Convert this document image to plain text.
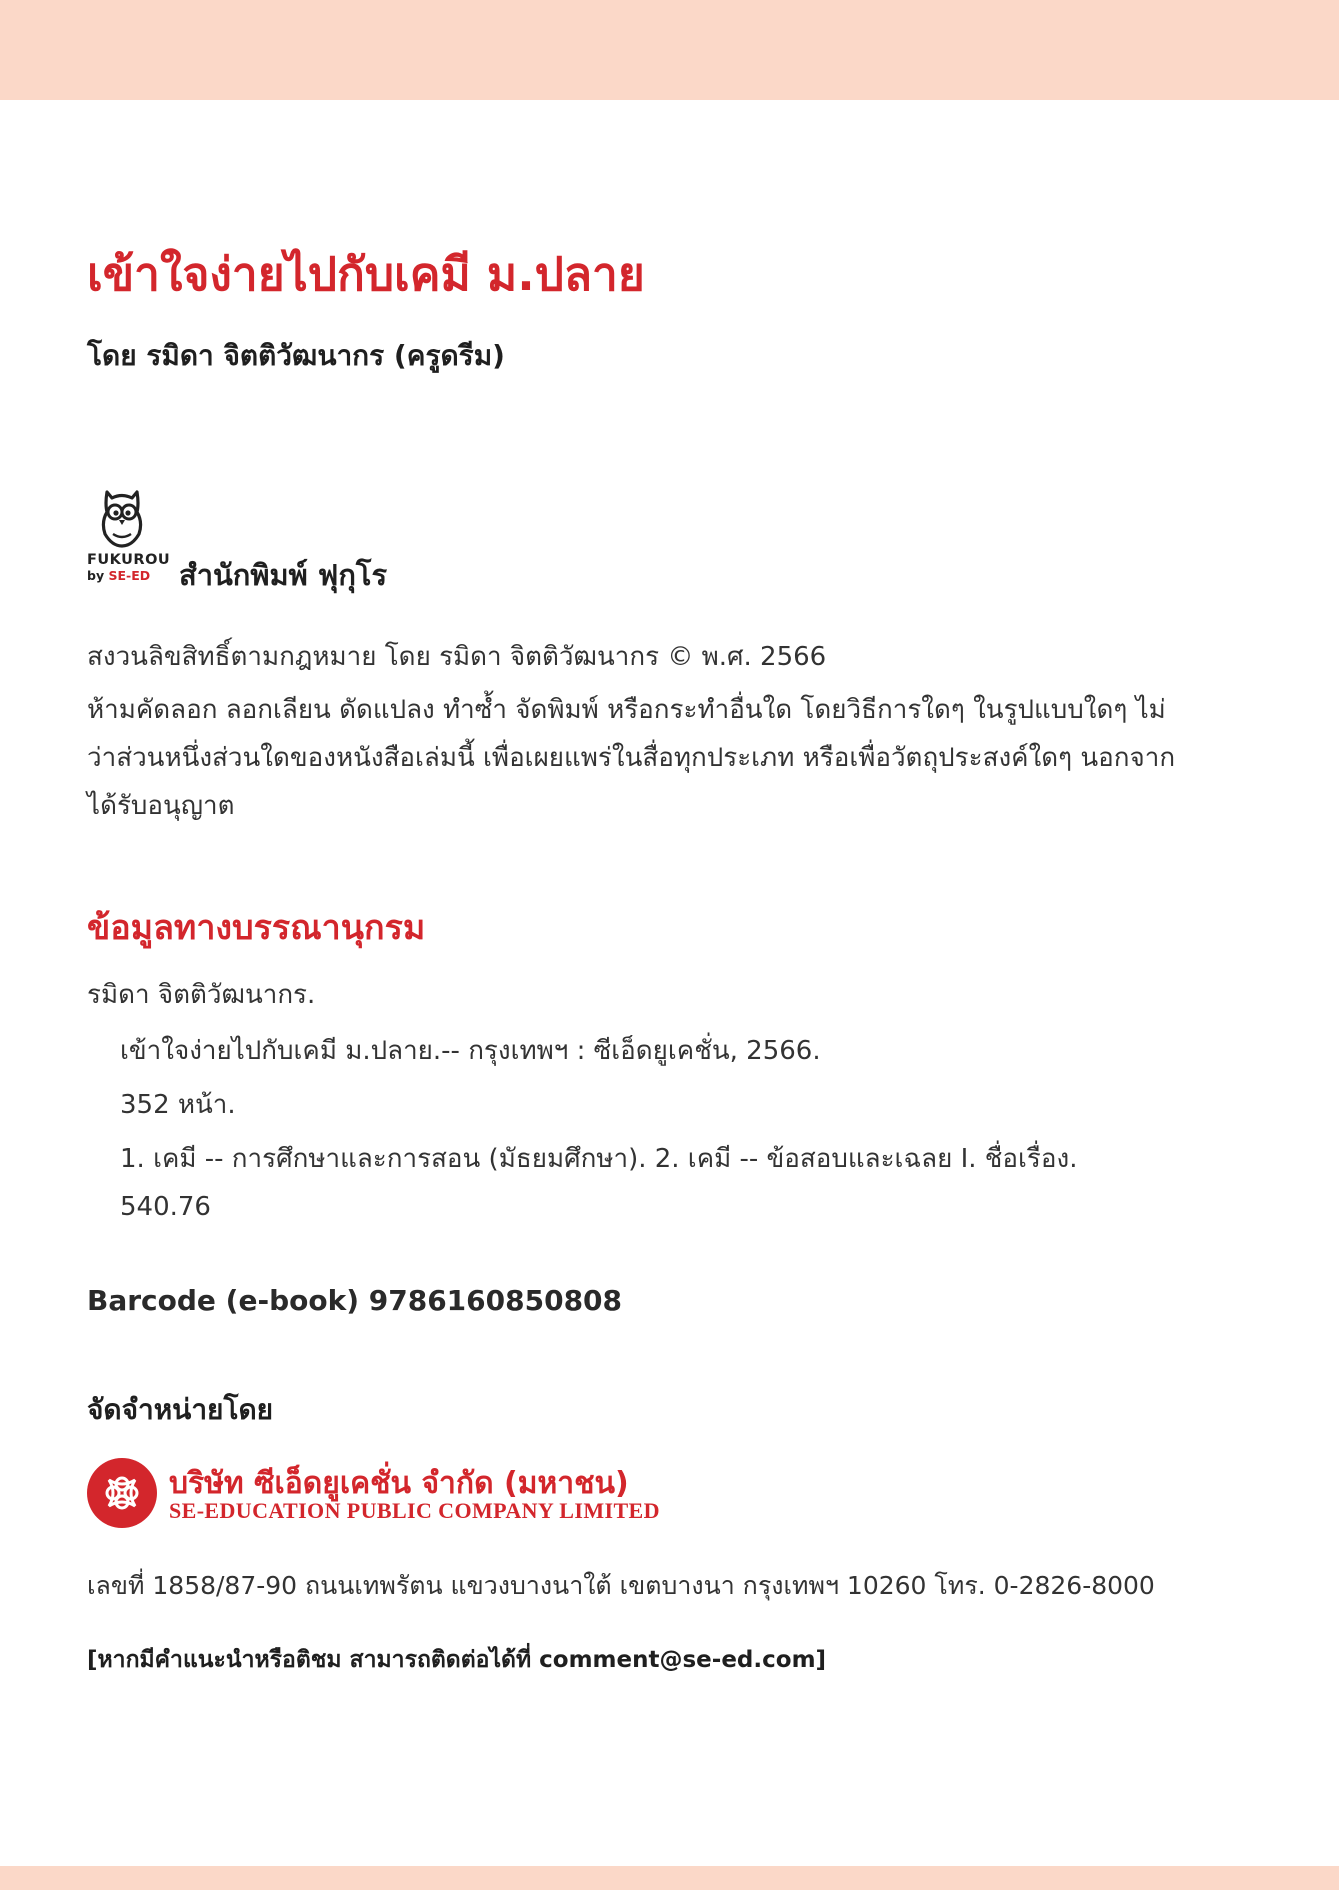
เข้าใจง่ายไปกับเคมี ม.ปลาย
โดย รมิดา จิตติวัฒนากร (ครูดรีม)
FUKUROU
by SE-ED สำนักพิมพ์ ฟุกุโร
สงวนลิขสิทธิ์ตามกฎหมาย โดย รมิดา จิตติวัฒนากร © พ.ศ. 2566
ห้ามคัดลอก ลอกเลียน ดัดแปลง ทำซ้ำ จัดพิมพ์ หรือกระทำอื่นใด โดยวิธีการใดๆ ในรูปแบบใดๆ ไม่ว่าส่วนหนึ่งส่วนใดของหนังสือเล่มนี้ เพื่อเผยแพร่ในสื่อทุกประเภท หรือเพื่อวัตถุประสงค์ใดๆ นอกจากได้รับอนุญาต
ข้อมูลทางบรรณานุกรม
รมิดา จิตติวัฒนากร.
เข้าใจง่ายไปกับเคมี ม.ปลาย.-- กรุงเทพฯ : ซีเอ็ดยูเคชั่น, 2566.
352 หน้า.
1. เคมี -- การศึกษาและการสอน (มัธยมศึกษา). 2. เคมี -- ข้อสอบและเฉลย I. ชื่อเรื่อง.
540.76
Barcode (e-book) 9786160850808
จัดจำหน่ายโดย
บริษัท ซีเอ็ดยูเคชั่น จำกัด (มหาชน)
SE-EDUCATION PUBLIC COMPANY LIMITED
เลขที่ 1858/87-90 ถนนเทพรัตน แขวงบางนาใต้ เขตบางนา กรุงเทพฯ 10260 โทร. 0-2826-8000
[หากมีคำแนะนำหรือติชม สามารถติดต่อได้ที่ comment@se-ed.com]
